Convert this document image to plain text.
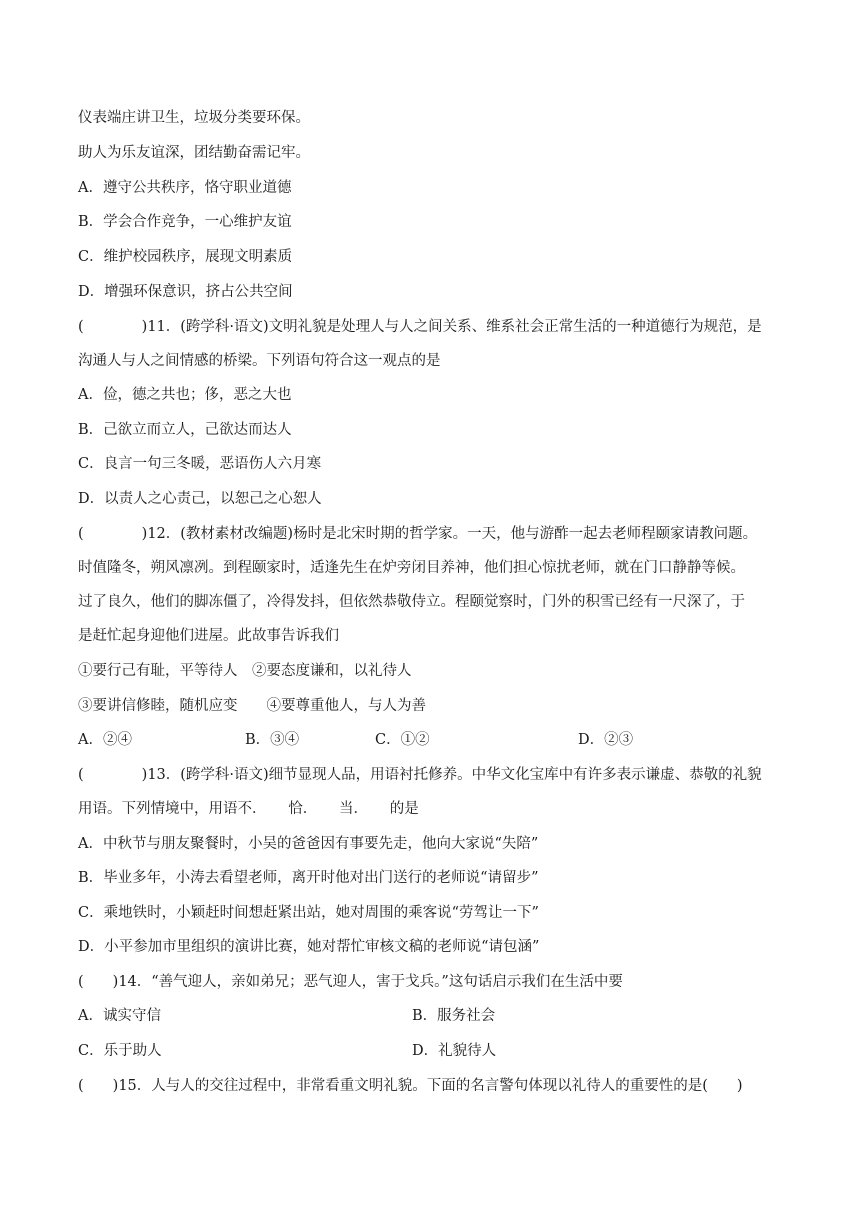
仪表端庄讲卫生，垃圾分类要环保。
助人为乐友谊深，团结勤奋需记牢。
A．遵守公共秩序，恪守职业道德
B．学会合作竞争，一心维护友谊
C．维护校园秩序，展现文明素质
D．增强环保意识，挤占公共空间
(　　　　)11．(跨学科·语文)文明礼貌是处理人与人之间关系、维系社会正常生活的一种道德行为规范，是
沟通人与人之间情感的桥梁。下列语句符合这一观点的是
A．俭，德之共也；侈，恶之大也
B．己欲立而立人，己欲达而达人
C．良言一句三冬暖，恶语伤人六月寒
D．以责人之心责己，以恕己之心恕人
(　　　　)12．(教材素材改编题)杨时是北宋时期的哲学家。一天，他与游酢一起去老师程颐家请教问题。
时值隆冬，朔风凛冽。到程颐家时，适逢先生在炉旁闭目养神，他们担心惊扰老师，就在门口静静等候。
过了良久，他们的脚冻僵了，冷得发抖，但依然恭敬侍立。程颐觉察时，门外的积雪已经有一尺深了，于
是赶忙起身迎他们进屋。此故事告诉我们
①要行己有耻，平等待人　②要态度谦和，以礼待人
③要讲信修睦，随机应变　　④要尊重他人，与人为善
A．②④	B．③④	C．①②	D．②③
(　　　　)13．(跨学科·语文)细节显现人品，用语衬托修养。中华文化宝库中有许多表示谦虚、恭敬的礼貌
用语。下列情境中，用语不．　　恰．　　当．　　的是
A．中秋节与朋友聚餐时，小吴的爸爸因有事要先走，他向大家说“失陪”
B．毕业多年，小涛去看望老师，离开时他对出门送行的老师说“请留步”
C．乘地铁时，小颖赶时间想赶紧出站，她对周围的乘客说“劳驾让一下”
D．小平参加市里组织的演讲比赛，她对帮忙审核文稿的老师说“请包涵”
(　　)14．“善气迎人，亲如弟兄；恶气迎人，害于戈兵。”这句话启示我们在生活中要
A．诚实守信	B．服务社会
C．乐于助人	D．礼貌待人
(　　)15．人与人的交往过程中，非常看重文明礼貌。下面的名言警句体现以礼待人的重要性的是(　　)
